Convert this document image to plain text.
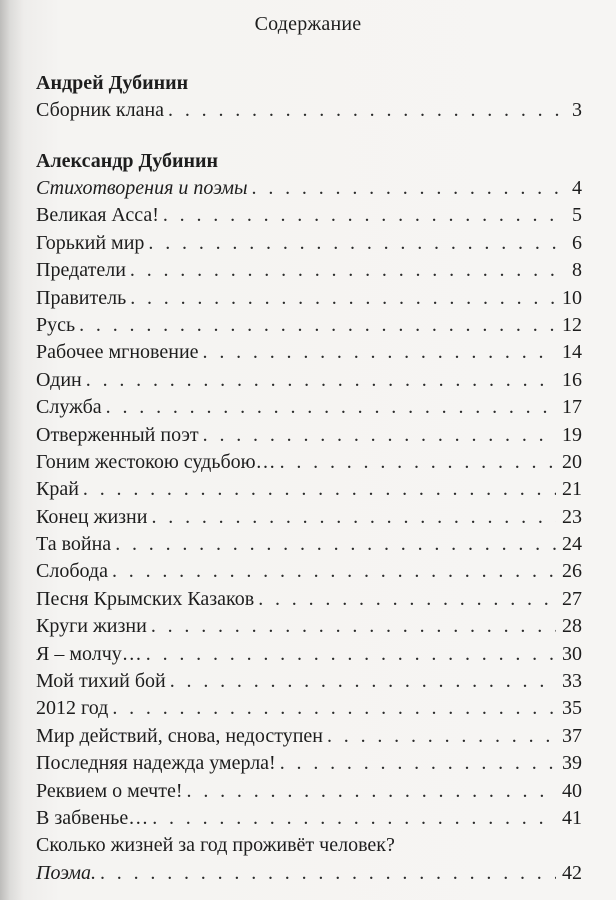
Содержание
Андрей Дубинин
Сборник клана . . .	3
Александр Дубинин
Стихотворения и поэмы . . .	4
Великая Асса! . . .	5
Горький мир . . .	6
Предатели . . .	8
Правитель . . .	10
Русь . . .	12
Рабочее мгновение . . .	14
Один . . .	16
Служба . . .	17
Отверженный поэт . . .	19
Гоним жестокою судьбою… . . .	20
Край . . .	21
Конец жизни . . .	23
Та война . . .	24
Слобода . . .	26
Песня Крымских Казаков . . .	27
Круги жизни . . .	28
Я – молчу… . . .	30
Мой тихий бой . . .	33
2012 год . . .	35
Мир действий, снова, недоступен . . .	37
Последняя надежда умерла! . . .	39
Реквием о мечте! . . .	40
В забвенье… . . .	41
Сколько жизней за год проживёт человек?
Поэма. . . .	42
